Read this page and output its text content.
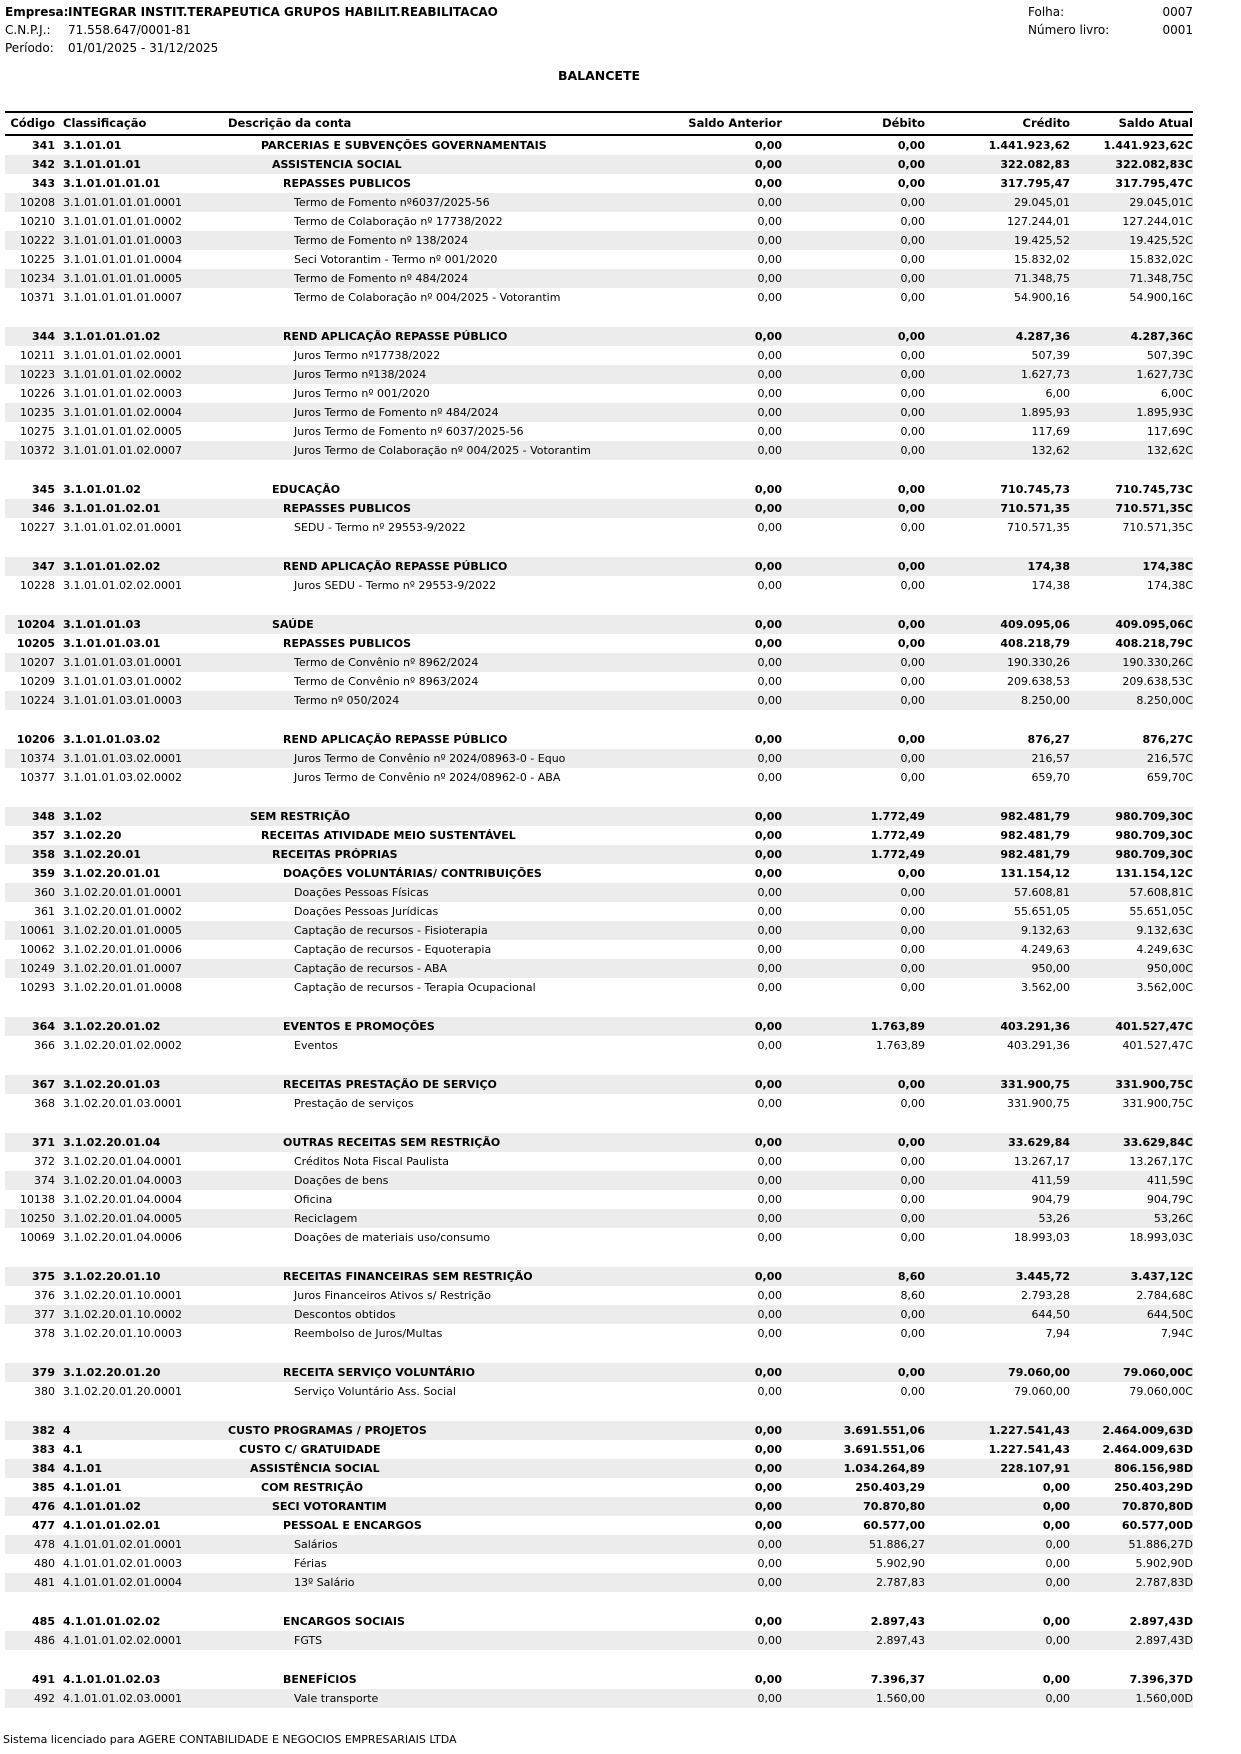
Empresa: INTEGRAR INSTIT.TERAPEUTICA GRUPOS HABILIT.REABILITACAO
C.N.P.J.: 71.558.647/0001-81
Período: 01/01/2025 - 31/12/2025
Folha:	0007
Número livro:	0001
BALANCETE
Código	Classificação	Descrição da conta	Saldo Anterior	Débito	Crédito	Saldo Atual
341	3.1.01.01	PARCERIAS E SUBVENÇÕES GOVERNAMENTAIS	0,00	0,00	1.441.923,62	1.441.923,62C
342	3.1.01.01.01	ASSISTENCIA SOCIAL	0,00	0,00	322.082,83	322.082,83C
343	3.1.01.01.01.01	REPASSES PUBLICOS	0,00	0,00	317.795,47	317.795,47C
10208	3.1.01.01.01.01.0001	Termo de Fomento nº6037/2025-56	0,00	0,00	29.045,01	29.045,01C
10210	3.1.01.01.01.01.0002	Termo de Colaboração nº 17738/2022	0,00	0,00	127.244,01	127.244,01C
10222	3.1.01.01.01.01.0003	Termo de Fomento nº 138/2024	0,00	0,00	19.425,52	19.425,52C
10225	3.1.01.01.01.01.0004	Seci Votorantim - Termo nº 001/2020	0,00	0,00	15.832,02	15.832,02C
10234	3.1.01.01.01.01.0005	Termo de Fomento nº 484/2024	0,00	0,00	71.348,75	71.348,75C
10371	3.1.01.01.01.01.0007	Termo de Colaboração nº 004/2025 - Votorantim	0,00	0,00	54.900,16	54.900,16C

344	3.1.01.01.01.02	REND APLICAÇÃO REPASSE PÚBLICO	0,00	0,00	4.287,36	4.287,36C
10211	3.1.01.01.01.02.0001	Juros Termo nº17738/2022	0,00	0,00	507,39	507,39C
10223	3.1.01.01.01.02.0002	Juros Termo nº138/2024	0,00	0,00	1.627,73	1.627,73C
10226	3.1.01.01.01.02.0003	Juros Termo nº 001/2020	0,00	0,00	6,00	6,00C
10235	3.1.01.01.01.02.0004	Juros Termo de Fomento nº 484/2024	0,00	0,00	1.895,93	1.895,93C
10275	3.1.01.01.01.02.0005	Juros Termo de Fomento nº 6037/2025-56	0,00	0,00	117,69	117,69C
10372	3.1.01.01.01.02.0007	Juros Termo de Colaboração nº 004/2025 - Votorantim	0,00	0,00	132,62	132,62C

345	3.1.01.01.02	EDUCAÇÃO	0,00	0,00	710.745,73	710.745,73C
346	3.1.01.01.02.01	REPASSES PUBLICOS	0,00	0,00	710.571,35	710.571,35C
10227	3.1.01.01.02.01.0001	SEDU - Termo nº 29553-9/2022	0,00	0,00	710.571,35	710.571,35C

347	3.1.01.01.02.02	REND APLICAÇÃO REPASSE PÚBLICO	0,00	0,00	174,38	174,38C
10228	3.1.01.01.02.02.0001	Juros SEDU - Termo nº 29553-9/2022	0,00	0,00	174,38	174,38C

10204	3.1.01.01.03	SAÚDE	0,00	0,00	409.095,06	409.095,06C
10205	3.1.01.01.03.01	REPASSES PUBLICOS	0,00	0,00	408.218,79	408.218,79C
10207	3.1.01.01.03.01.0001	Termo de Convênio nº 8962/2024	0,00	0,00	190.330,26	190.330,26C
10209	3.1.01.01.03.01.0002	Termo de Convênio nº 8963/2024	0,00	0,00	209.638,53	209.638,53C
10224	3.1.01.01.03.01.0003	Termo nº 050/2024	0,00	0,00	8.250,00	8.250,00C

10206	3.1.01.01.03.02	REND APLICAÇÃO REPASSE PÚBLICO	0,00	0,00	876,27	876,27C
10374	3.1.01.01.03.02.0001	Juros Termo de Convênio nº 2024/08963-0 - Equo	0,00	0,00	216,57	216,57C
10377	3.1.01.01.03.02.0002	Juros Termo de Convênio nº 2024/08962-0 - ABA	0,00	0,00	659,70	659,70C

348	3.1.02	SEM RESTRIÇÃO	0,00	1.772,49	982.481,79	980.709,30C
357	3.1.02.20	RECEITAS ATIVIDADE MEIO SUSTENTÁVEL	0,00	1.772,49	982.481,79	980.709,30C
358	3.1.02.20.01	RECEITAS PRÓPRIAS	0,00	1.772,49	982.481,79	980.709,30C
359	3.1.02.20.01.01	DOAÇÕES VOLUNTÁRIAS/ CONTRIBUIÇÕES	0,00	0,00	131.154,12	131.154,12C
360	3.1.02.20.01.01.0001	Doações Pessoas Físicas	0,00	0,00	57.608,81	57.608,81C
361	3.1.02.20.01.01.0002	Doações Pessoas Jurídicas	0,00	0,00	55.651,05	55.651,05C
10061	3.1.02.20.01.01.0005	Captação de recursos - Fisioterapia	0,00	0,00	9.132,63	9.132,63C
10062	3.1.02.20.01.01.0006	Captação de recursos - Equoterapia	0,00	0,00	4.249,63	4.249,63C
10249	3.1.02.20.01.01.0007	Captação de recursos - ABA	0,00	0,00	950,00	950,00C
10293	3.1.02.20.01.01.0008	Captação de recursos - Terapia Ocupacional	0,00	0,00	3.562,00	3.562,00C

364	3.1.02.20.01.02	EVENTOS E PROMOÇÕES	0,00	1.763,89	403.291,36	401.527,47C
366	3.1.02.20.01.02.0002	Eventos	0,00	1.763,89	403.291,36	401.527,47C

367	3.1.02.20.01.03	RECEITAS PRESTAÇÃO DE SERVIÇO	0,00	0,00	331.900,75	331.900,75C
368	3.1.02.20.01.03.0001	Prestação de serviços	0,00	0,00	331.900,75	331.900,75C

371	3.1.02.20.01.04	OUTRAS RECEITAS SEM RESTRIÇÃO	0,00	0,00	33.629,84	33.629,84C
372	3.1.02.20.01.04.0001	Créditos Nota Fiscal Paulista	0,00	0,00	13.267,17	13.267,17C
374	3.1.02.20.01.04.0003	Doações de bens	0,00	0,00	411,59	411,59C
10138	3.1.02.20.01.04.0004	Oficina	0,00	0,00	904,79	904,79C
10250	3.1.02.20.01.04.0005	Reciclagem	0,00	0,00	53,26	53,26C
10069	3.1.02.20.01.04.0006	Doações de materiais uso/consumo	0,00	0,00	18.993,03	18.993,03C

375	3.1.02.20.01.10	RECEITAS FINANCEIRAS SEM RESTRIÇÃO	0,00	8,60	3.445,72	3.437,12C
376	3.1.02.20.01.10.0001	Juros Financeiros Ativos s/ Restrição	0,00	8,60	2.793,28	2.784,68C
377	3.1.02.20.01.10.0002	Descontos obtidos	0,00	0,00	644,50	644,50C
378	3.1.02.20.01.10.0003	Reembolso de Juros/Multas	0,00	0,00	7,94	7,94C

379	3.1.02.20.01.20	RECEITA SERVIÇO VOLUNTÁRIO	0,00	0,00	79.060,00	79.060,00C
380	3.1.02.20.01.20.0001	Serviço Voluntário Ass. Social	0,00	0,00	79.060,00	79.060,00C

382	4	CUSTO PROGRAMAS / PROJETOS	0,00	3.691.551,06	1.227.541,43	2.464.009,63D
383	4.1	CUSTO C/ GRATUIDADE	0,00	3.691.551,06	1.227.541,43	2.464.009,63D
384	4.1.01	ASSISTÊNCIA SOCIAL	0,00	1.034.264,89	228.107,91	806.156,98D
385	4.1.01.01	COM RESTRIÇÃO	0,00	250.403,29	0,00	250.403,29D
476	4.1.01.01.02	SECI VOTORANTIM	0,00	70.870,80	0,00	70.870,80D
477	4.1.01.01.02.01	PESSOAL E ENCARGOS	0,00	60.577,00	0,00	60.577,00D
478	4.1.01.01.02.01.0001	Salários	0,00	51.886,27	0,00	51.886,27D
480	4.1.01.01.02.01.0003	Férias	0,00	5.902,90	0,00	5.902,90D
481	4.1.01.01.02.01.0004	13º Salário	0,00	2.787,83	0,00	2.787,83D

485	4.1.01.01.02.02	ENCARGOS SOCIAIS	0,00	2.897,43	0,00	2.897,43D
486	4.1.01.01.02.02.0001	FGTS	0,00	2.897,43	0,00	2.897,43D

491	4.1.01.01.02.03	BENEFÍCIOS	0,00	7.396,37	0,00	7.396,37D
492	4.1.01.01.02.03.0001	Vale transporte	0,00	1.560,00	0,00	1.560,00D
Sistema licenciado para AGERE CONTABILIDADE E NEGOCIOS EMPRESARIAIS LTDA
